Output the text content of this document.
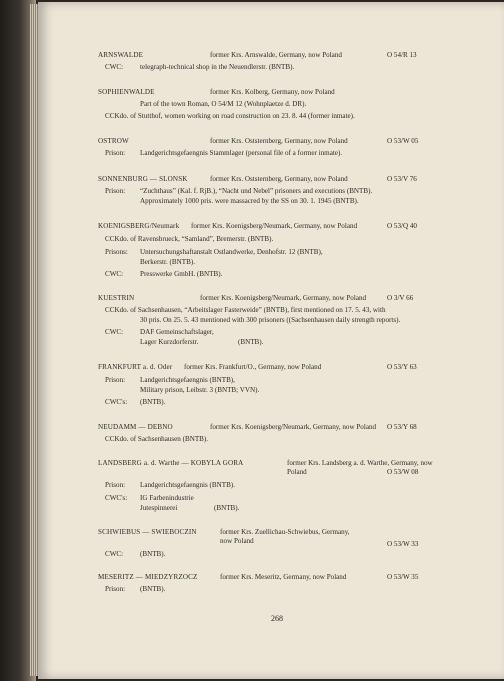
ARNSWALDE	former Krs. Arnswalde, Germany, now Poland	O 54/R 13
CWC: telegraph-technical shop in the Neuendlerstr. (BNTB).
SOPHIENWALDE	former Krs. Kolberg, Germany, now Poland
Part of the town Roman, O 54/M 12 (Wohnplaetze d. DR).
CCKdo. of Stutthof, women working on road construction on 23. 8. 44 (former inmate).
OSTROW	former Krs. Oststernberg, Germany, now Poland	O 53/W 05
Prison: Landgerichtsgefaengnis Stammlager (personal file of a former inmate).
SONNENBURG — SLONSK	former Krs. Oststernberg, Germany, now Poland	O 53/V 76
Prison: “Zuchthaus” (Kal. f. RjB.), “Nacht und Nebel” prisoners and executions (BNTB).
Approximately 1000 pris. were massacred by the SS on 30. 1. 1945 (BNTB).
KOENIGSBERG/Neumark former Krs. Koenigsberg/Neumark, Germany, now Poland	O 53/Q 40
CCKdo. of Ravensbrueck, “Samland”, Bremerstr. (BNTB).
Prisons: Untersuchungshaftanstalt Ostlandwerke, Denhofstr. 12 (BNTB),
Berkerstr. (BNTB).
CWC: Presswerke GmbH. (BNTB).
KUESTRIN	former Krs. Koenigsberg/Neumark, Germany, now Poland	O 3/V 66
CCKdo. of Sachsenhausen, “Arbeitslager Fasterweide” (BNTB), first mentioned on 17. 5. 43, with
30 pris. On 25. 5. 43 mentioned with 300 prisoners ((Sachsenhausen daily strength reports).
CWC: DAF Gemeinschaftslager,
Lager Kurzdorferstr.	(BNTB).
FRANKFURT a. d. Oder former Krs. Frankfurt/O., Germany, now Poland	O 53/Y 63
Prison: Landgerichtsgefaengnis (BNTB),
Military prison, Leibstr. 3 (BNTB; VVN).
CWC's: (BNTB).
NEUDAMM — DEBNO	former Krs. Koenigsberg/Neumark, Germany, now Poland O 53/Y 68
CCKdo. of Sachsenhausen (BNTB).
LANDSBERG a. d. Warthe — KOBYLA GORA	former Krs. Landsberg a. d. Warthe, Germany, now
Poland	O 53/W 08
Prison: Landgerichtsgefaengnis (BNTB).
CWC's: IG Farbenindustrie
Jutespinnerei	(BNTB).
SCHWIEBUS — SWIEBOCZIN	former Krs. Zuellichau-Schwiebus, Germany,
now Poland	O 53/W 33
CWC: (BNTB).
MESERITZ — MIEDZYRZOCZ	former Krs. Meseritz, Germany, now Poland	O 53/W 35
Prison: (BNTB).
268
